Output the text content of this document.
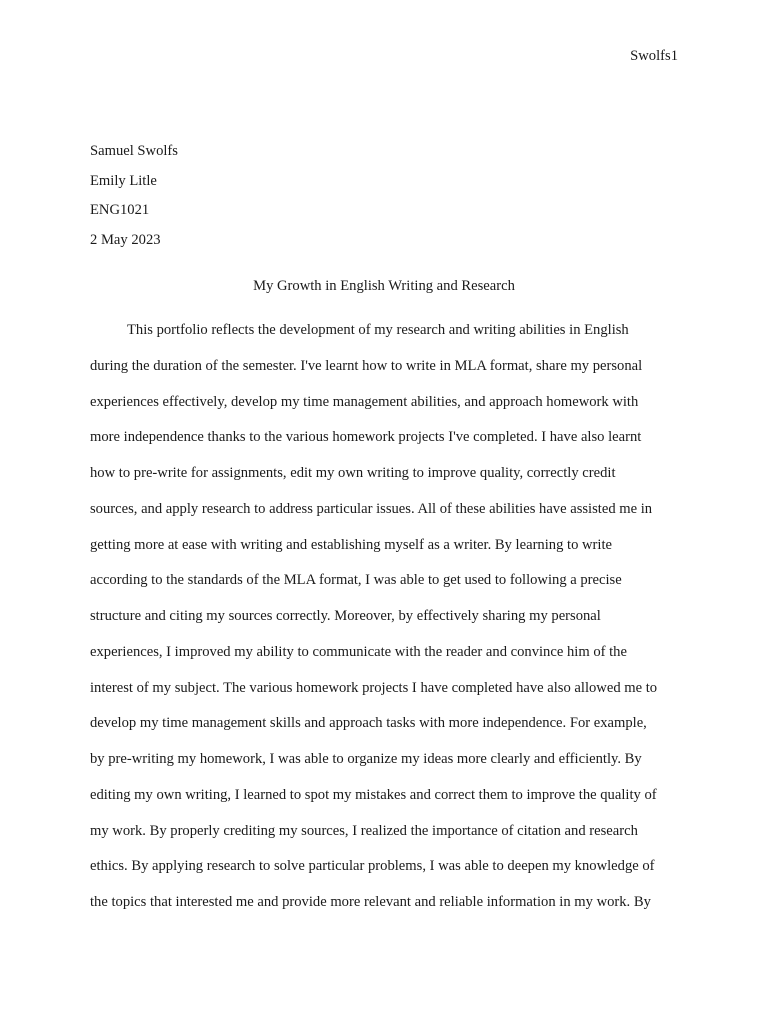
Swolfs1
Samuel Swolfs
Emily Litle
ENG1021
2 May 2023
My Growth in English Writing and Research
This portfolio reflects the development of my research and writing abilities in English
during the duration of the semester. I've learnt how to write in MLA format, share my personal
experiences effectively, develop my time management abilities, and approach homework with
more independence thanks to the various homework projects I've completed. I have also learnt
how to pre-write for assignments, edit my own writing to improve quality, correctly credit
sources, and apply research to address particular issues. All of these abilities have assisted me in
getting more at ease with writing and establishing myself as a writer. By learning to write
according to the standards of the MLA format, I was able to get used to following a precise
structure and citing my sources correctly. Moreover, by effectively sharing my personal
experiences, I improved my ability to communicate with the reader and convince him of the
interest of my subject. The various homework projects I have completed have also allowed me to
develop my time management skills and approach tasks with more independence. For example,
by pre-writing my homework, I was able to organize my ideas more clearly and efficiently. By
editing my own writing, I learned to spot my mistakes and correct them to improve the quality of
my work. By properly crediting my sources, I realized the importance of citation and research
ethics. By applying research to solve particular problems, I was able to deepen my knowledge of
the topics that interested me and provide more relevant and reliable information in my work. By
